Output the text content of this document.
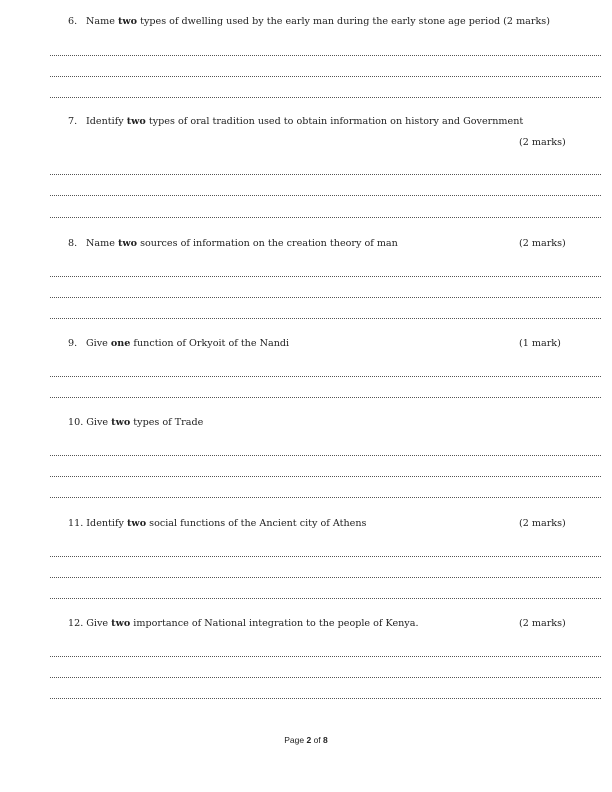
6. Name two types of dwelling used by the early man during the early stone age period (2 marks)
7. Identify two types of oral tradition used to obtain information on history and Government
(2 marks)
8. Name two sources of information on the creation theory of man	(2 marks)
9. Give one function of Orkyoit of the Nandi	(1 mark)
10. Give two types of Trade
11. Identify two social functions of the Ancient city of Athens	(2 marks)
12. Give two importance of National integration to the people of Kenya.	(2 marks)
Page 2 of 8
